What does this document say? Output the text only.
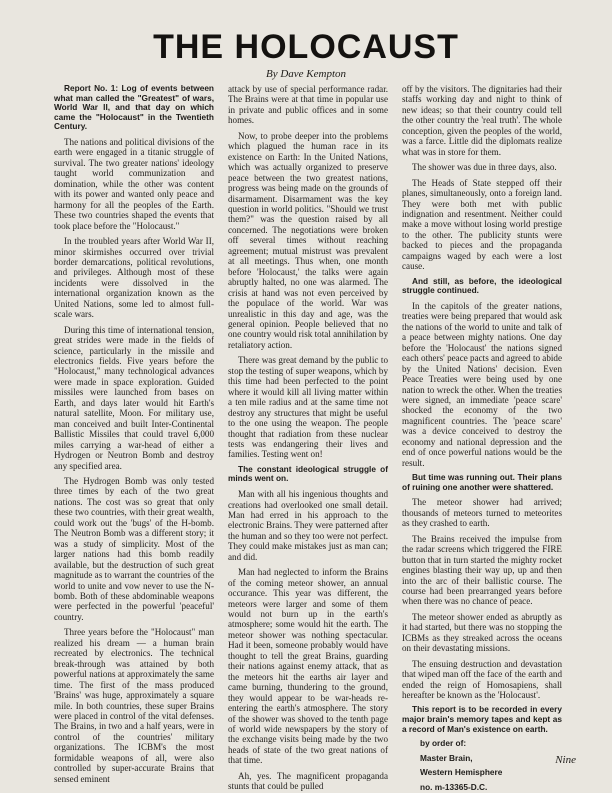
THE HOLOCAUST
By Dave Kempton

Report No. 1: Log of events between what man called the "Greatest" of wars, World War II, and that day on which came the "Holocaust" in the Twentieth Century.

The nations and political divisions of the earth were engaged in a titanic struggle of survival. The two greater nations' ideology taught world communization and domination, while the other was content with its power and wanted only peace and harmony for all the peoples of the Earth. These two countries shaped the events that took place before the "Holocaust."

In the troubled years after World War II, minor skirmishes occurred over trivial border demarcations, political revolutions, and privileges. Although most of these incidents were dissolved in the international organization known as the United Nations, some led to almost full-scale wars.

During this time of international tension, great strides were made in the fields of science, particularly in the missile and electronics fields. Five years before the "Holocaust," many technological advances were made in space exploration. Guided missiles were launched from bases on Earth, and days later would hit Earth's natural satellite, Moon. For military use, man conceived and built Inter-Continental Ballistic Missiles that could travel 6,000 miles carrying a war-head of either a Hydrogen or Neutron Bomb and destroy any specified area.

The Hydrogen Bomb was only tested three times by each of the two great nations. The cost was so great that only these two countries, with their great wealth, could work out the 'bugs' of the H-bomb. The Neutron Bomb was a different story; it was a study of simplicity. Most of the larger nations had this bomb readily available, but the destruction of such great magnitude as to warrant the countries of the world to unite and vow never to use the N-bomb. Both of these abdominable weapons were perfected in the powerful 'peaceful' country.

Three years before the "Holocaust" man realized his dream — a human brain recreated by electronics. The technical break-through was attained by both powerful nations at approximately the same time. The first of the mass produced 'Brains' was huge, approximately a square mile. In both countries, these super Brains were placed in control of the vital defenses. The Brains, in two and a half years, were in control of the countries' military organizations. The ICBM's the most formidable weapons of all, were also controlled by super-accurate Brains that sensed eminent

attack by use of special performance radar. The Brains were at that time in popular use in private and public offices and in some homes.

Now, to probe deeper into the problems which plagued the human race in its existence on Earth: In the United Nations, which was actually organized to preserve peace between the two greatest nations, progress was being made on the grounds of disarmament. Disarmament was the key question in world politics. "Should we trust them?" was the question raised by all concerned. The negotiations were broken off several times without reaching agreement; mutual mistrust was prevalent at all meetings. Thus when, one month before 'Holocaust,' the talks were again abruptly halted, no one was alarmed. The crisis at hand was not even perceived by the populace of the world. War was unrealistic in this day and age, was the general opinion. People believed that no one country would risk total annihilation by retaliatory action.

There was great demand by the public to stop the testing of super weapons, which by this time had been perfected to the point where it would kill all living matter within a ten mile radius and at the same time not destroy any structures that might be useful to the one using the weapon. The people thought that radiation from these nuclear tests was endangering their lives and families. Testing went on!

The constant ideological struggle of minds went on.

Man with all his ingenious thoughts and creations had overlooked one small detail. Man had erred in his approach to the electronic Brains. They were patterned after the human and so they too were not perfect. They could make mistakes just as man can; and did.

Man had neglected to inform the Brains of the coming meteor shower, an annual occurance. This year was different, the meteors were larger and some of them would not burn up in the earth's atmosphere; some would hit the earth. The meteor shower was nothing spectacular. Had it been, someone probably would have thought to tell the great Brains, guarding their nations against enemy attack, that as the meteors hit the earths air layer and came burning, thundering to the ground, they would appear to be war-heads re-entering the earth's atmosphere. The story of the shower was shoved to the tenth page of world wide newspapers by the story of the exchange visits being made by the two heads of state of the two great nations of that time.

Ah, yes. The magnificent propaganda stunts that could be pulled

off by the visitors. The dignitaries had their staffs working day and night to think of new ideas; so that their country could tell the other country the 'real truth'. The whole conception, given the peoples of the world, was a farce. Little did the diplomats realize what was in store for them.

The shower was due in three days, also.

The Heads of State stepped off their planes, simultaneously, onto a foreign land. They were both met with public indignation and resentment. Neither could make a move without losing world prestige to the other. The publicity stunts were backed to pieces and the propaganda campaigns waged by each were a lost cause.

And still, as before, the ideological struggle continued.

In the capitols of the greater nations, treaties were being prepared that would ask the nations of the world to unite and talk of a peace between mighty nations. One day before the 'Holocaust' the nations signed each others' peace pacts and agreed to abide by the United Nations' decision. Even Peace Treaties were being used by one nation to wreck the other. When the treaties were signed, an immediate 'peace scare' shocked the economy of the two magnificent countries. The 'peace scare' was a device conceived to destroy the economy and national depression and the end of once powerful nations would be the result.

But time was running out. Their plans of ruining one another were shattered.

The meteor shower had arrived; thousands of meteors turned to meteorites as they crashed to earth.

The Brains received the impulse from the radar screens which triggered the FIRE button that in turn started the mighty rocket engines blasting their way up, up and then into the arc of their ballistic course. The course had been prearranged years before when there was no chance of peace.

The meteor shower ended as abruptly as it had started, but there was no stopping the ICBMs as they streaked across the oceans on their devastating missions.

The ensuing destruction and devastation that wiped man off the face of the earth and ended the reign of Homosapiens, shall hereafter be known as the 'Holocaust'.

This report is to be recorded in every major brain's memory tapes and kept as a record of Man's existence on earth.

by order of:

Master Brain,

Western Hemisphere

no. m-13365-D.C.

Nine
